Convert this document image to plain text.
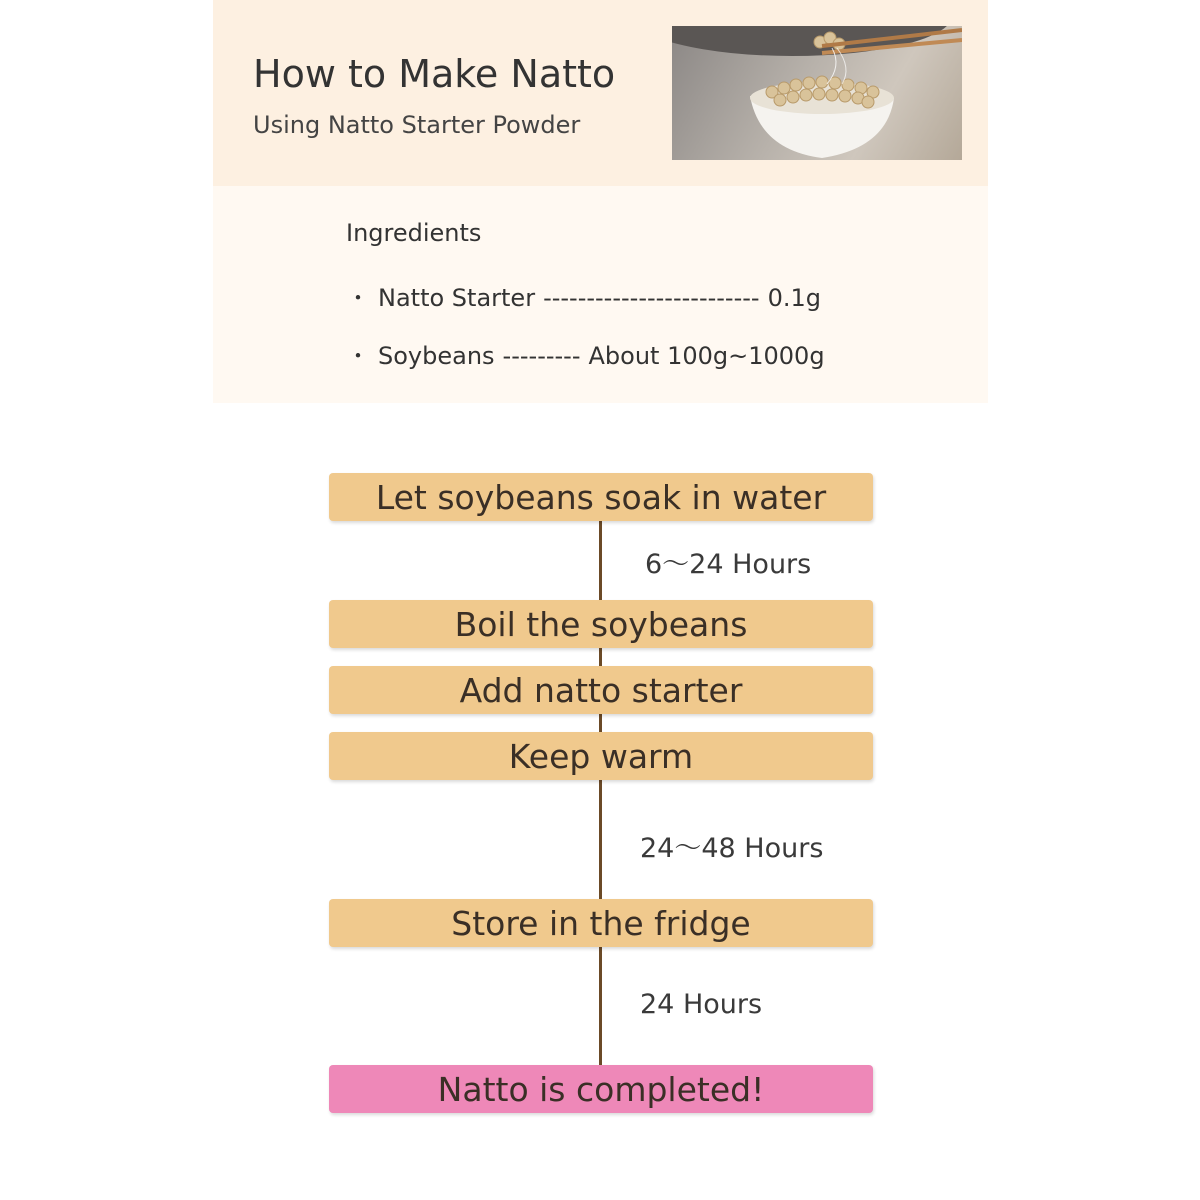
How to Make Natto
Using Natto Starter Powder
Ingredients
・ Natto Starter ------------------------- 0.1g
・ Soybeans --------- About 100g~1000g
Let soybeans soak in water
6～24 Hours
Boil the soybeans
Add natto starter
Keep warm
24～48 Hours
Store in the fridge
24 Hours
Natto is completed!
